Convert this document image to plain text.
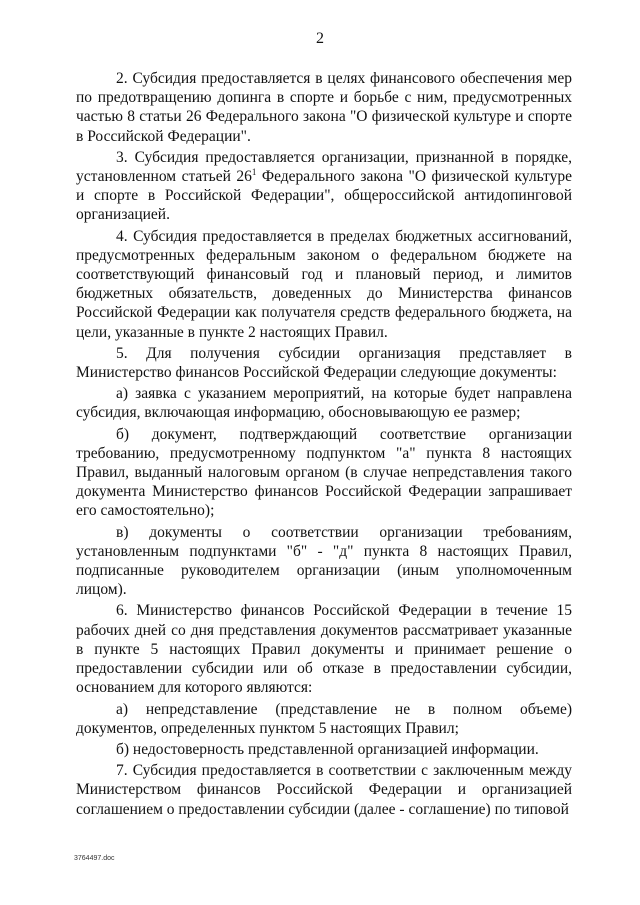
2

2. Субсидия предоставляется в целях финансового обеспечения мер по предотвращению допинга в спорте и борьбе с ним, предусмотренных частью 8 статьи 26 Федерального закона "О физической культуре и спорте в Российской Федерации".

3. Субсидия предоставляется организации, признанной в порядке, установленном статьей $26^1$ Федерального закона "О физической культуре и спорте в Российской Федерации", общероссийской антидопинговой организацией.

4. Субсидия предоставляется в пределах бюджетных ассигнований, предусмотренных федеральным законом о федеральном бюджете на соответствующий финансовый год и плановый период, и лимитов бюджетных обязательств, доведенных до Министерства финансов Российской Федерации как получателя средств федерального бюджета, на цели, указанные в пункте 2 настоящих Правил.

5. Для получения субсидии организация представляет в Министерство финансов Российской Федерации следующие документы:

а) заявка с указанием мероприятий, на которые будет направлена субсидия, включающая информацию, обосновывающую ее размер;

б) документ, подтверждающий соответствие организации требованию, предусмотренному подпунктом "а" пункта 8 настоящих Правил, выданный налоговым органом (в случае непредставления такого документа Министерство финансов Российской Федерации запрашивает его самостоятельно);

в) документы о соответствии организации требованиям, установленным подпунктами "б" - "д" пункта 8 настоящих Правил, подписанные руководителем организации (иным уполномоченным лицом).

6. Министерство финансов Российской Федерации в течение 15 рабочих дней со дня представления документов рассматривает указанные в пункте 5 настоящих Правил документы и принимает решение о предоставлении субсидии или об отказе в предоставлении субсидии, основанием для которого являются:

а) непредставление (представление не в полном объеме) документов, определенных пунктом 5 настоящих Правил;

б) недостоверность представленной организацией информации.

7. Субсидия предоставляется в соответствии с заключенным между Министерством финансов Российской Федерации и организацией соглашением о предоставлении субсидии (далее - соглашение) по типовой

3764497.doc
